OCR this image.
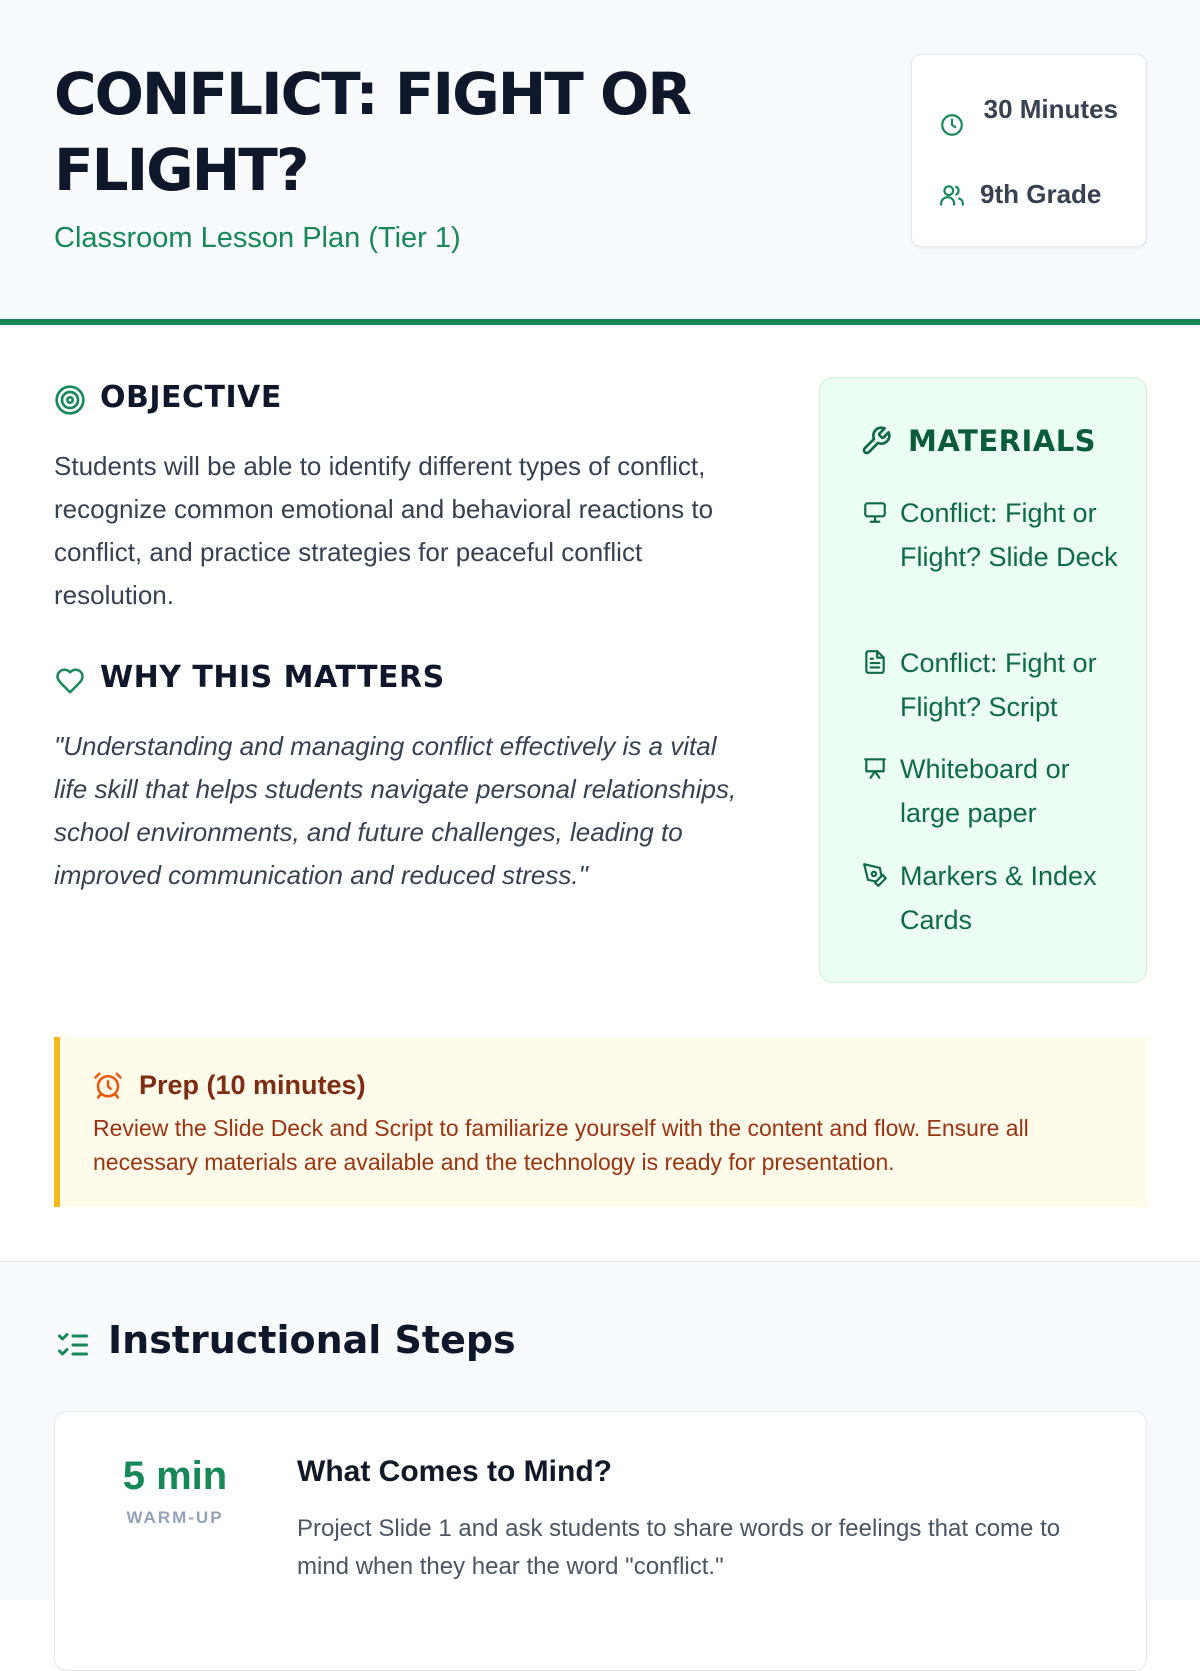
CONFLICT: FIGHT OR FLIGHT?
Classroom Lesson Plan (Tier 1)
30 Minutes
9th Grade
OBJECTIVE

Students will be able to identify different types of conflict, recognize common emotional and behavioral reactions to conflict, and practice strategies for peaceful conflict resolution.

WHY THIS MATTERS

"Understanding and managing conflict effectively is a vital life skill that helps students navigate personal relationships, school environments, and future challenges, leading to improved communication and reduced stress."

MATERIALS
Conflict: Fight or Flight? Slide Deck
Conflict: Fight or Flight? Script
Whiteboard or large paper
Markers & Index Cards
Prep (10 minutes)

Review the Slide Deck and Script to familiarize yourself with the content and flow. Ensure all necessary materials are available and the technology is ready for presentation.

Instructional Steps
5 min
WARM-UP
What Comes to Mind?

Project Slide 1 and ask students to share words or feelings that come to mind when they hear the word "conflict."
